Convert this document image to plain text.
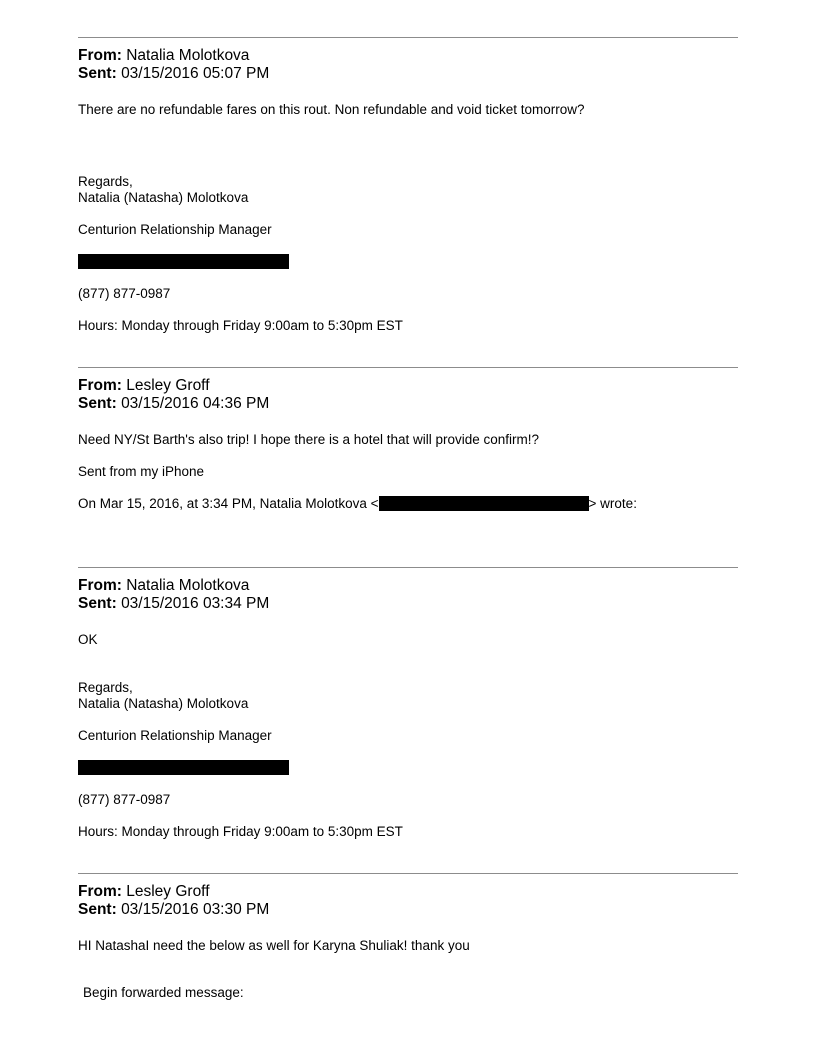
From: Natalia Molotkova
Sent: 03/15/2016 05:07 PM
There are no refundable fares on this rout. Non refundable and void ticket tomorrow?
Regards,
Natalia (Natasha) Molotkova
Centurion Relationship Manager
(877) 877-0987
Hours: Monday through Friday 9:00am to 5:30pm EST
From: Lesley Groff
Sent: 03/15/2016 04:36 PM
Need NY/St Barth's also trip! I hope there is a hotel that will provide confirm!?
Sent from my iPhone
On Mar 15, 2016, at 3:34 PM, Natalia Molotkova <	> wrote:
From: Natalia Molotkova
Sent: 03/15/2016 03:34 PM
OK
Regards,
Natalia (Natasha) Molotkova
Centurion Relationship Manager
(877) 877-0987
Hours: Monday through Friday 9:00am to 5:30pm EST
From: Lesley Groff
Sent: 03/15/2016 03:30 PM
HI NatashaI need the below as well for Karyna Shuliak! thank you
Begin forwarded message:
